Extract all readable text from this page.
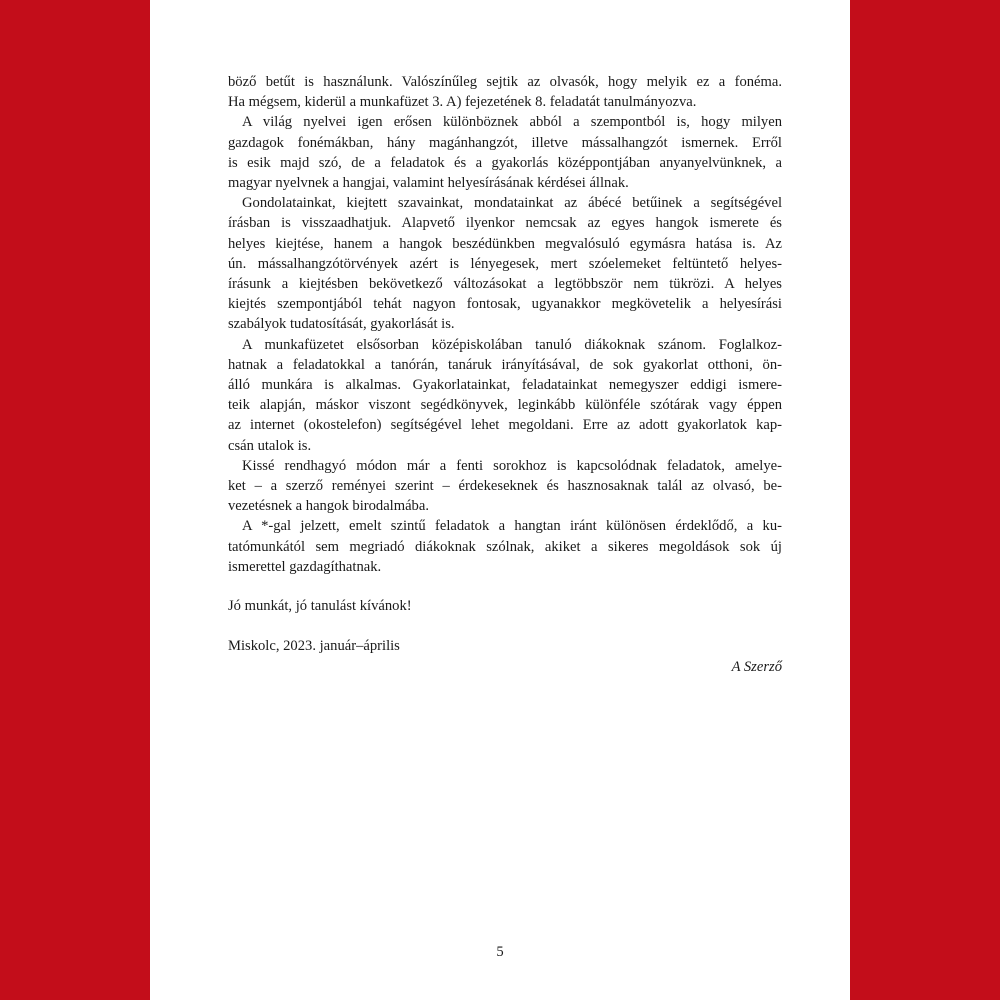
böző betűt is használunk. Valószínűleg sejtik az olvasók, hogy melyik ez a fonéma.

Ha mégsem, kiderül a munkafüzet 3. A) fejezetének 8. feladatát tanulmányozva.

A világ nyelvei igen erősen különböznek abból a szempontból is, hogy milyen

gazdagok fonémákban, hány magánhangzót, illetve mássalhangzót ismernek. Erről

is esik majd szó, de a feladatok és a gyakorlás középpontjában anyanyelvünknek, a

magyar nyelvnek a hangjai, valamint helyesírásának kérdései állnak.

Gondolatainkat, kiejtett szavainkat, mondatainkat az ábécé betűinek a segítségével

írásban is visszaadhatjuk. Alapvető ilyenkor nemcsak az egyes hangok ismerete és

helyes kiejtése, hanem a hangok beszédünkben megvalósuló egymásra hatása is. Az

ún. mássalhangzótörvények azért is lényegesek, mert szóelemeket feltüntető helyes-

írásunk a kiejtésben bekövetkező változásokat a legtöbbször nem tükrözi. A helyes

kiejtés szempontjából tehát nagyon fontosak, ugyanakkor megkövetelik a helyesírási

szabályok tudatosítását, gyakorlását is.

A munkafüzetet elsősorban középiskolában tanuló diákoknak szánom. Foglalkoz-

hatnak a feladatokkal a tanórán, tanáruk irányításával, de sok gyakorlat otthoni, ön-

álló munkára is alkalmas. Gyakorlatainkat, feladatainkat nemegyszer eddigi ismere-

teik alapján, máskor viszont segédkönyvek, leginkább különféle szótárak vagy éppen

az internet (okostelefon) segítségével lehet megoldani. Erre az adott gyakorlatok kap-

csán utalok is.

Kissé rendhagyó módon már a fenti sorokhoz is kapcsolódnak feladatok, amelye-

ket – a szerző reményei szerint – érdekeseknek és hasznosaknak talál az olvasó, be-

vezetésnek a hangok birodalmába.

A *-gal jelzett, emelt szintű feladatok a hangtan iránt különösen érdeklődő, a ku-

tatómunkától sem megriadó diákoknak szólnak, akiket a sikeres megoldások sok új

ismerettel gazdagíthatnak.

Jó munkát, jó tanulást kívánok!

Miskolc, 2023. január–április
A Szerző
5
